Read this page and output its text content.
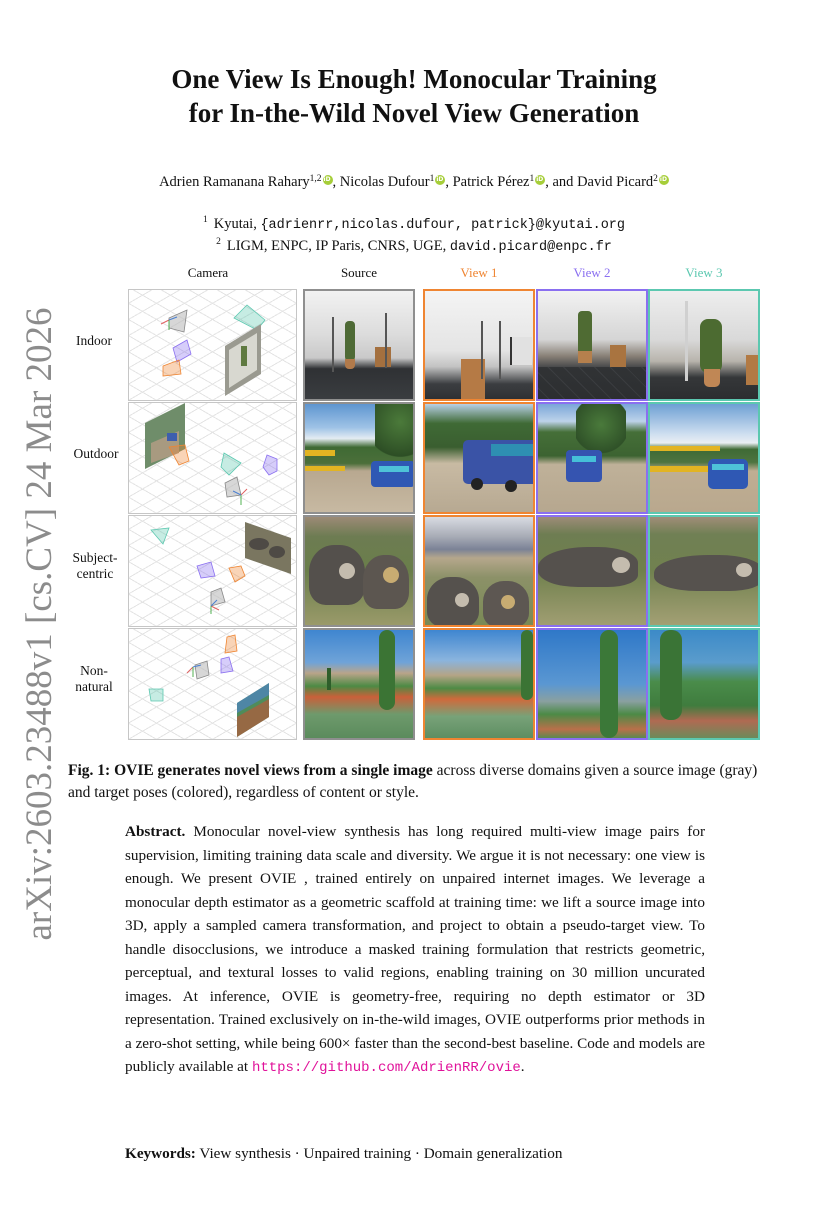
One View Is Enough! Monocular Training
for In-the-Wild Novel View Generation
Adrien Ramanana Rahary$^{1,2}$ iD , Nicolas Dufour$^1$ iD , Patrick Pérez$^1$ iD , and David Picard$^2$iD
$^1$ Kyutai, {adrienrr,nicolas.dufour, patrick}@kyutai.org
$^2$ LIGM, ENPC, IP Paris, CNRS, UGE, david.picard@enpc.fr
arXiv:2603.23488v1 [cs.CV] 24 Mar 2026
Camera	Source	View 1	View 2	View 3
Indoor
Outdoor
Subject-
centric
Non-
natural
Fig. 1: OVIE generates novel views from a single image across diverse domains given a source image (gray) and target poses (colored), regardless of content or style.
Abstract. Monocular novel-view synthesis has long required multi-view image pairs for supervision, limiting training data scale and diversity. We argue it is not necessary: one view is enough. We present OVIE , trained entirely on unpaired internet images. We leverage a monocular depth estimator as a geometric scaffold at training time: we lift a source image into 3D, apply a sampled camera transformation, and project to obtain a pseudo-target view. To handle disocclusions, we introduce a masked training formulation that restricts geometric, perceptual, and textural losses to valid regions, enabling training on 30 million uncurated images. At inference, OVIE is geometry-free, requiring no depth estimator or 3D representation. Trained exclusively on in-the-wild images, OVIE outperforms prior methods in a zero-shot setting, while being 600× faster than the second-best baseline. Code and models are publicly available at https://github.com/AdrienRR/ovie.
Keywords: View synthesis · Unpaired training · Domain generalization
